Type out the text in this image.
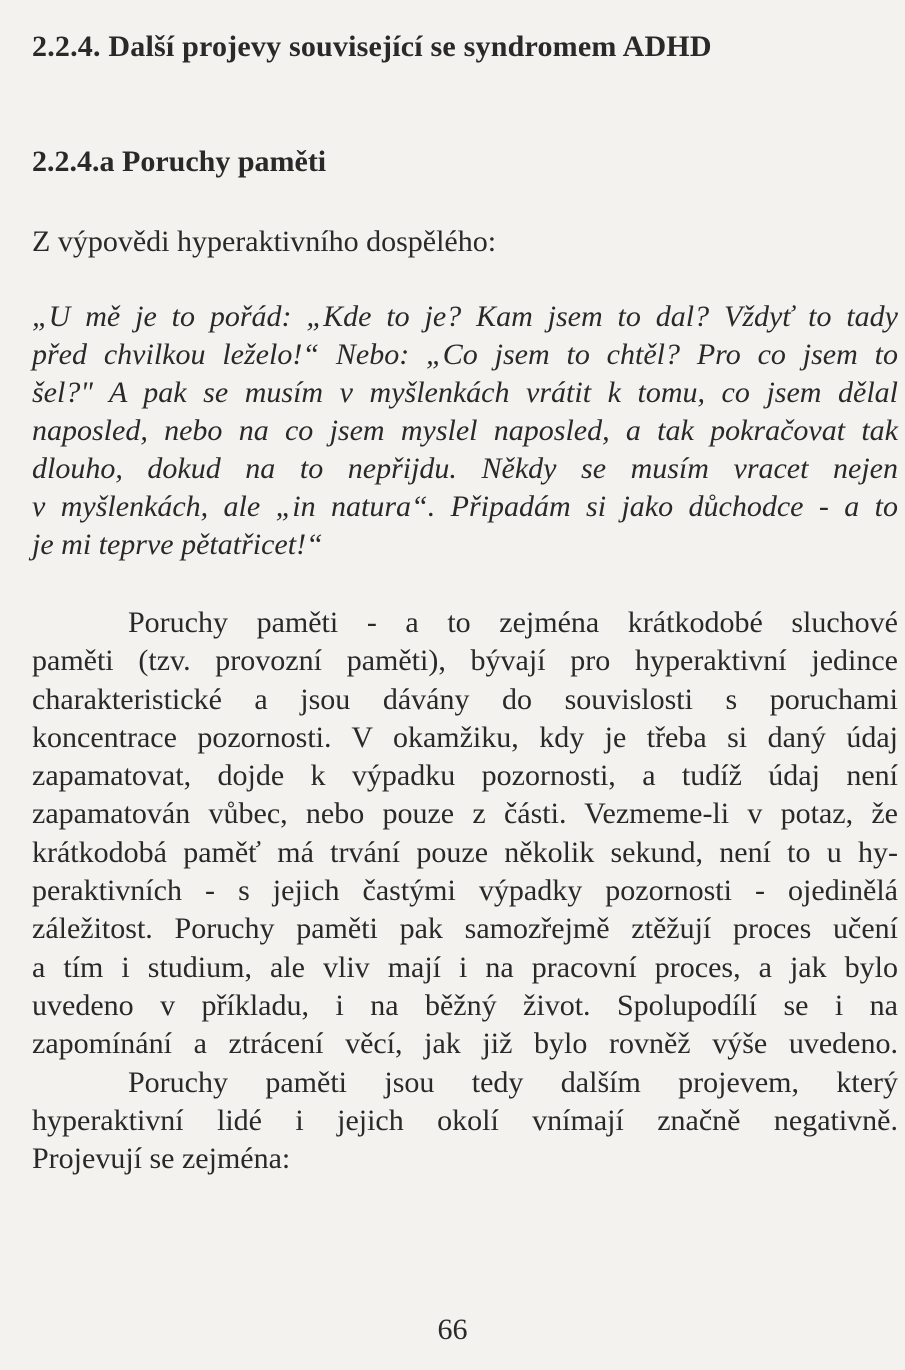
2.2.4. Další projevy související se syndromem ADHD
2.2.4.a Poruchy paměti

Z výpovědi hyperaktivního dospělého:

„U mě je to pořád: „Kde to je? Kam jsem to dal? Vždyť to tady
před chvilkou leželo!“ Nebo: „Co jsem to chtěl? Pro co jsem to
šel?" A pak se musím v myšlenkách vrátit k tomu, co jsem dělal
naposled, nebo na co jsem myslel naposled, a tak pokračovat tak
dlouho, dokud na to nepřijdu. Někdy se musím vracet nejen
v myšlenkách, ale „in natura“. Připadám si jako důchodce - a to
je mi teprve pětatřicet!“
Poruchy paměti - a to zejména krátkodobé sluchové
paměti (tzv. provozní paměti), bývají pro hyperaktivní jedince
charakteristické a jsou dávány do souvislosti s poruchami
koncentrace pozornosti. V okamžiku, kdy je třeba si daný údaj
zapamatovat, dojde k výpadku pozornosti, a tudíž údaj není
zapamatován vůbec, nebo pouze z části. Vezmeme-li v potaz, že
krátkodobá paměť má trvání pouze několik sekund, není to u hy-
peraktivních - s jejich častými výpadky pozornosti - ojedinělá
záležitost. Poruchy paměti pak samozřejmě ztěžují proces učení
a tím i studium, ale vliv mají i na pracovní proces, a jak bylo
uvedeno v příkladu, i na běžný život. Spolupodílí se i na
zapomínání a ztrácení věcí, jak již bylo rovněž výše uvedeno.
Poruchy paměti jsou tedy dalším projevem, který
hyperaktivní lidé i jejich okolí vnímají značně negativně.
Projevují se zejména:

66
